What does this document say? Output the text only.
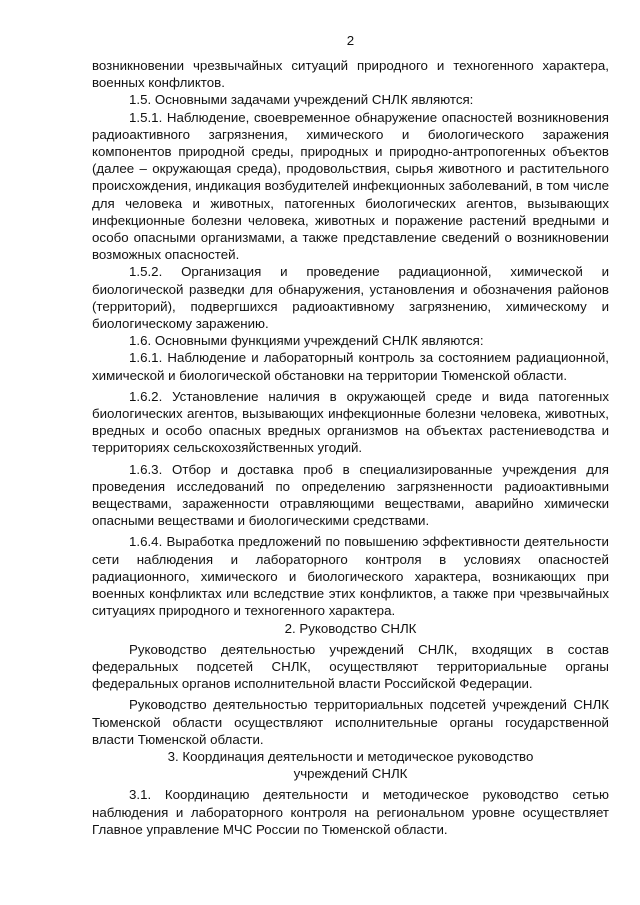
2

возникновении чрезвычайных ситуаций природного и техногенного характера, военных конфликтов.

1.5. Основными задачами учреждений СНЛК являются:

1.5.1. Наблюдение, своевременное обнаружение опасностей возникновения радиоактивного загрязнения, химического и биологического заражения компонентов природной среды, природных и природно-антропогенных объектов (далее – окружающая среда), продовольствия, сырья животного и растительного происхождения, индикация возбудителей инфекционных заболеваний, в том числе для человека и животных, патогенных биологических агентов, вызывающих инфекционные болезни человека, животных и поражение растений вредными и особо опасными организмами, а также представление сведений о возникновении возможных опасностей.

1.5.2. Организация и проведение радиационной, химической и биологической разведки для обнаружения, установления и обозначения районов (территорий), подвергшихся радиоактивному загрязнению, химическому и биологическому заражению.

1.6. Основными функциями учреждений СНЛК являются:

1.6.1. Наблюдение и лабораторный контроль за состоянием радиационной, химической и биологической обстановки на территории Тюменской области.

1.6.2. Установление наличия в окружающей среде и вида патогенных биологических агентов, вызывающих инфекционные болезни человека, животных, вредных и особо опасных вредных организмов на объектах растениеводства и территориях сельскохозяйственных угодий.

1.6.3. Отбор и доставка проб в специализированные учреждения для проведения исследований по определению загрязненности радиоактивными веществами, зараженности отравляющими веществами, аварийно химически опасными веществами и биологическими средствами.

1.6.4. Выработка предложений по повышению эффективности деятельности сети наблюдения и лабораторного контроля в условиях опасностей радиационного, химического и биологического характера, возникающих при военных конфликтах или вследствие этих конфликтов, а также при чрезвычайных ситуациях природного и техногенного характера.

2. Руководство СНЛК

Руководство деятельностью учреждений СНЛК, входящих в состав федеральных подсетей СНЛК, осуществляют территориальные органы федеральных органов исполнительной власти Российской Федерации.

Руководство деятельностью территориальных подсетей учреждений СНЛК Тюменской области осуществляют исполнительные органы государственной власти Тюменской области.

3. Координация деятельности и методическое руководство

учреждений СНЛК

3.1. Координацию деятельности и методическое руководство сетью наблюдения и лабораторного контроля на региональном уровне осуществляет Главное управление МЧС России по Тюменской области.
